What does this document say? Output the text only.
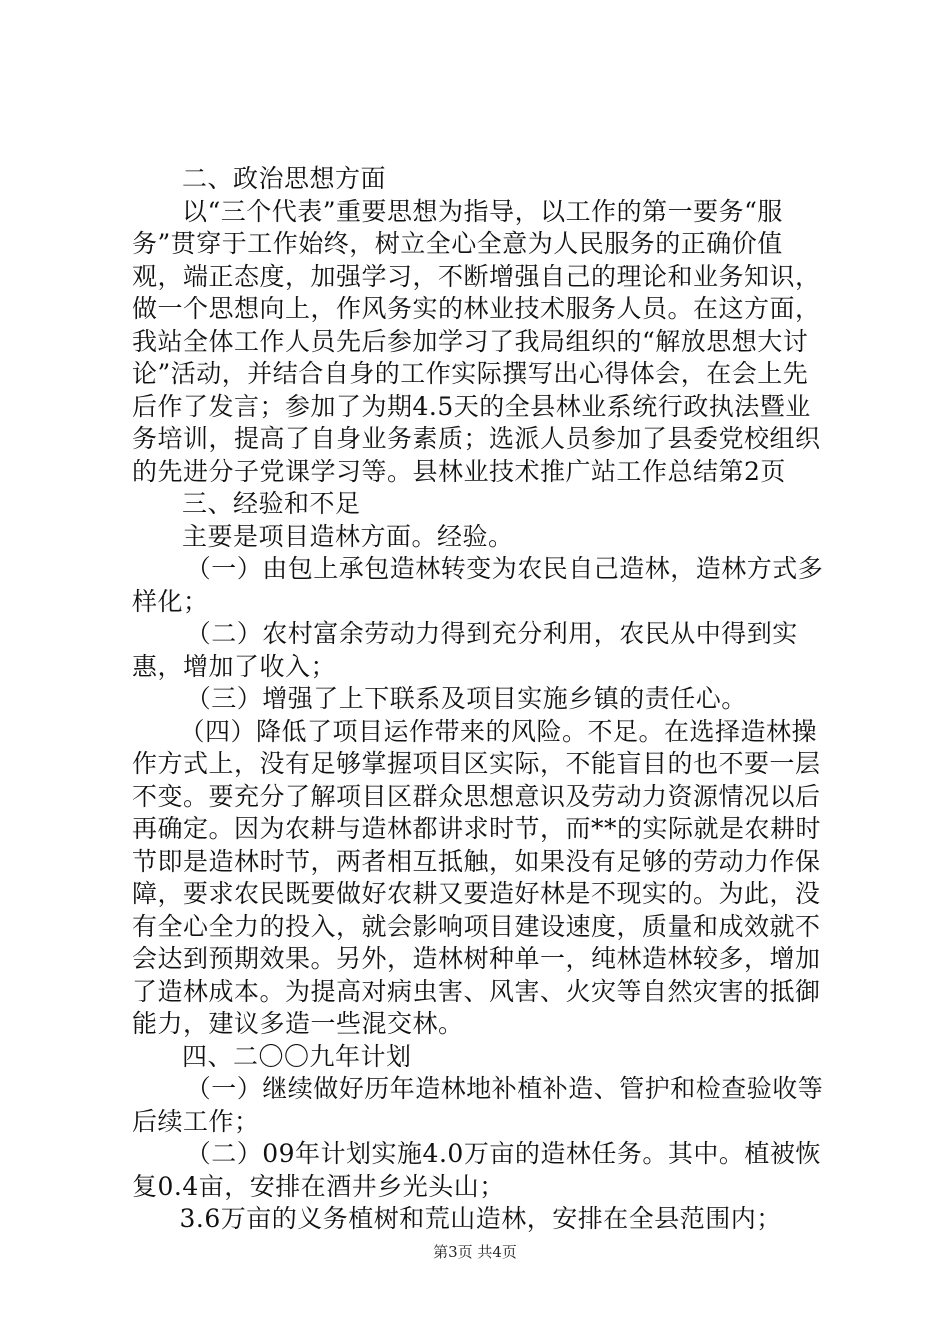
二、政治思想方面

以“三个代表”重要思想为指导，以工作的第一要务“服务”贯穿于工作始终，树立全心全意为人民服务的正确价值观，端正态度，加强学习，不断增强自己的理论和业务知识，做一个思想向上，作风务实的林业技术服务人员。在这方面，我站全体工作人员先后参加学习了我局组织的“解放思想大讨论”活动，并结合自身的工作实际撰写出心得体会，在会上先后作了发言；参加了为期4.5天的全县林业系统行政执法暨业务培训，提高了自身业务素质；选派人员参加了县委党校组织的先进分子党课学习等。县林业技术推广站工作总结第2页

三、经验和不足

主要是项目造林方面。经验。

（一）由包上承包造林转变为农民自己造林，造林方式多样化；

（二）农村富余劳动力得到充分利用，农民从中得到实惠，增加了收入；

（三）增强了上下联系及项目实施乡镇的责任心。

（四）降低了项目运作带来的风险。不足。在选择造林操作方式上，没有足够掌握项目区实际，不能盲目的也不要一层不变。要充分了解项目区群众思想意识及劳动力资源情况以后再确定。因为农耕与造林都讲求时节，而**的实际就是农耕时节即是造林时节，两者相互抵触，如果没有足够的劳动力作保障，要求农民既要做好农耕又要造好林是不现实的。为此，没有全心全力的投入，就会影响项目建设速度，质量和成效就不会达到预期效果。另外，造林树种单一，纯林造林较多，增加了造林成本。为提高对病虫害、风害、火灾等自然灾害的抵御能力，建议多造一些混交林。

四、二〇〇九年计划

（一）继续做好历年造林地补植补造、管护和检查验收等后续工作；

（二）09年计划实施4.0万亩的造林任务。其中。植被恢复0.4亩，安排在酒井乡光头山；

3.6万亩的义务植树和荒山造林，安排在全县范围内；

第3页 共4页
